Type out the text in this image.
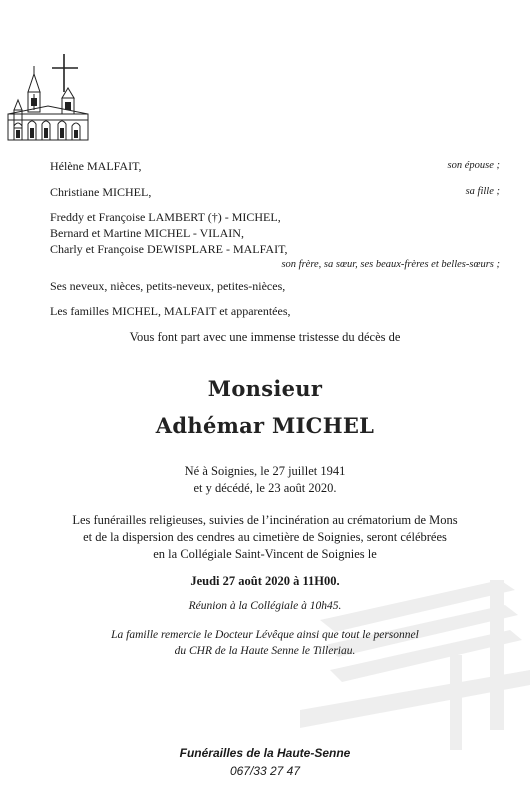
Hélène MALFAIT,	son épouse ;
Christiane MICHEL,	sa fille ;
Freddy et Françoise LAMBERT (†) - MICHEL,
Bernard et Martine MICHEL - VILAIN,
Charly et Françoise DEWISPLARE - MALFAIT,
son frère, sa sœur, ses beaux-frères et belles-sœurs ;
Ses neveux, nièces, petits-neveux, petites-nièces,
Les familles MICHEL, MALFAIT et apparentées,
Vous font part avec une immense tristesse du décès de
Monsieur
Adhémar MICHEL
Né à Soignies, le 27 juillet 1941
et y décédé, le 23 août 2020.
Les funérailles religieuses, suivies de l’incinération au crématorium de Mons
et de la dispersion des cendres au cimetière de Soignies, seront célébrées
en la Collégiale Saint-Vincent de Soignies le
Jeudi 27 août 2020 à 11H00.
Réunion à la Collégiale à 10h45.
La famille remercie le Docteur Lévêque ainsi que tout le personnel
du CHR de la Haute Senne le Tilleriau.
Funérailles de la Haute-Senne
067/33 27 47
